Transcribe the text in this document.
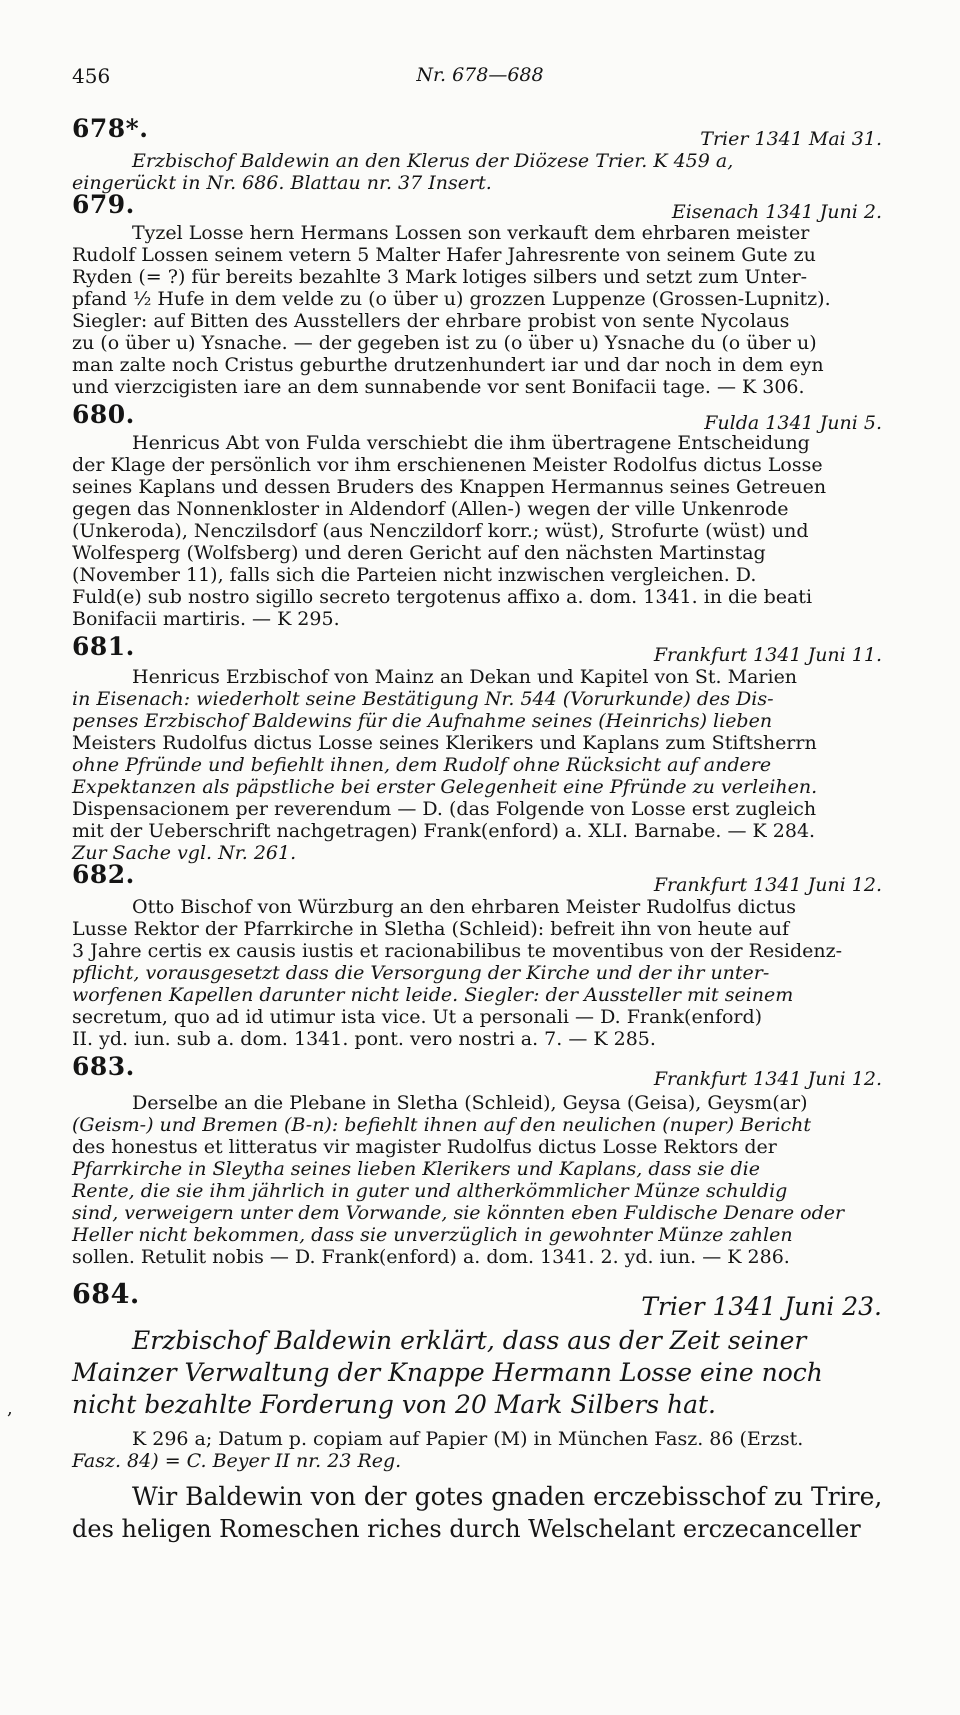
456	Nr. 678—688
678*.	Trier 1341 Mai 31.
Erzbischof Baldewin an den Klerus der Diözese Trier. K 459 a,
eingerückt in Nr. 686. Blattau nr. 37 Insert.
679.	Eisenach 1341 Juni 2.
Tyzel Losse hern Hermans Lossen son verkauft dem ehrbaren meister
Rudolf Lossen seinem vetern 5 Malter Hafer Jahresrente von seinem Gute zu
Ryden (= ?) für bereits bezahlte 3 Mark lotiges silbers und setzt zum Unter-
pfand ½ Hufe in dem velde zu (o über u) grozzen Luppenze (Grossen-Lupnitz).
Siegler: auf Bitten des Ausstellers der ehrbare probist von sente Nycolaus
zu (o über u) Ysnache. — der gegeben ist zu (o über u) Ysnache du (o über u)
man zalte noch Cristus geburthe drutzenhundert iar und dar noch in dem eyn
und vierzcigisten iare an dem sunnabende vor sent Bonifacii tage. — K 306.
680.	Fulda 1341 Juni 5.
Henricus Abt von Fulda verschiebt die ihm übertragene Entscheidung
der Klage der persönlich vor ihm erschienenen Meister Rodolfus dictus Losse
seines Kaplans und dessen Bruders des Knappen Hermannus seines Getreuen
gegen das Nonnenkloster in Aldendorf (Allen-) wegen der ville Unkenrode
(Unkeroda), Nenczilsdorf (aus Nenczildorf korr.; wüst), Strofurte (wüst) und
Wolfesperg (Wolfsberg) und deren Gericht auf den nächsten Martinstag
(November 11), falls sich die Parteien nicht inzwischen vergleichen. D.
Fuld(e) sub nostro sigillo secreto tergotenus affixo a. dom. 1341. in die beati
Bonifacii martiris. — K 295.
681.	Frankfurt 1341 Juni 11.
Henricus Erzbischof von Mainz an Dekan und Kapitel von St. Marien
in Eisenach: wiederholt seine Bestätigung Nr. 544 (Vorurkunde) des Dis-
penses Erzbischof Baldewins für die Aufnahme seines (Heinrichs) lieben
Meisters Rudolfus dictus Losse seines Klerikers und Kaplans zum Stiftsherrn
ohne Pfründe und befiehlt ihnen, dem Rudolf ohne Rücksicht auf andere
Expektanzen als päpstliche bei erster Gelegenheit eine Pfründe zu verleihen.
Dispensacionem per reverendum — D. (das Folgende von Losse erst zugleich
mit der Ueberschrift nachgetragen) Frank(enford) a. XLI. Barnabe. — K 284.
Zur Sache vgl. Nr. 261.
682.	Frankfurt 1341 Juni 12.
Otto Bischof von Würzburg an den ehrbaren Meister Rudolfus dictus
Lusse Rektor der Pfarrkirche in Sletha (Schleid): befreit ihn von heute auf
3 Jahre certis ex causis iustis et racionabilibus te moventibus von der Residenz-
pflicht, vorausgesetzt dass die Versorgung der Kirche und der ihr unter-
worfenen Kapellen darunter nicht leide. Siegler: der Aussteller mit seinem
secretum, quo ad id utimur ista vice. Ut a personali — D. Frank(enford)
II. yd. iun. sub a. dom. 1341. pont. vero nostri a. 7. — K 285.
683.	Frankfurt 1341 Juni 12.
Derselbe an die Plebane in Sletha (Schleid), Geysa (Geisa), Geysm(ar)
(Geism-) und Bremen (B-n): befiehlt ihnen auf den neulichen (nuper) Bericht
des honestus et litteratus vir magister Rudolfus dictus Losse Rektors der
Pfarrkirche in Sleytha seines lieben Klerikers und Kaplans, dass sie die
Rente, die sie ihm jährlich in guter und altherkömmlicher Münze schuldig
sind, verweigern unter dem Vorwande, sie könnten eben Fuldische Denare oder
Heller nicht bekommen, dass sie unverzüglich in gewohnter Münze zahlen
sollen. Retulit nobis — D. Frank(enford) a. dom. 1341. 2. yd. iun. — K 286.
684.	Trier 1341 Juni 23.
Erzbischof Baldewin erklärt, dass aus der Zeit seiner
Mainzer Verwaltung der Knappe Hermann Losse eine noch
nicht bezahlte Forderung von 20 Mark Silbers hat.
K 296 a; Datum p. copiam auf Papier (M) in München Fasz. 86 (Erzst.
Fasz. 84) = C. Beyer II nr. 23 Reg.
Wir Baldewin von der gotes gnaden erczebisschof zu Trire,
des heligen Romeschen riches durch Welschelant erczecanceller
,
